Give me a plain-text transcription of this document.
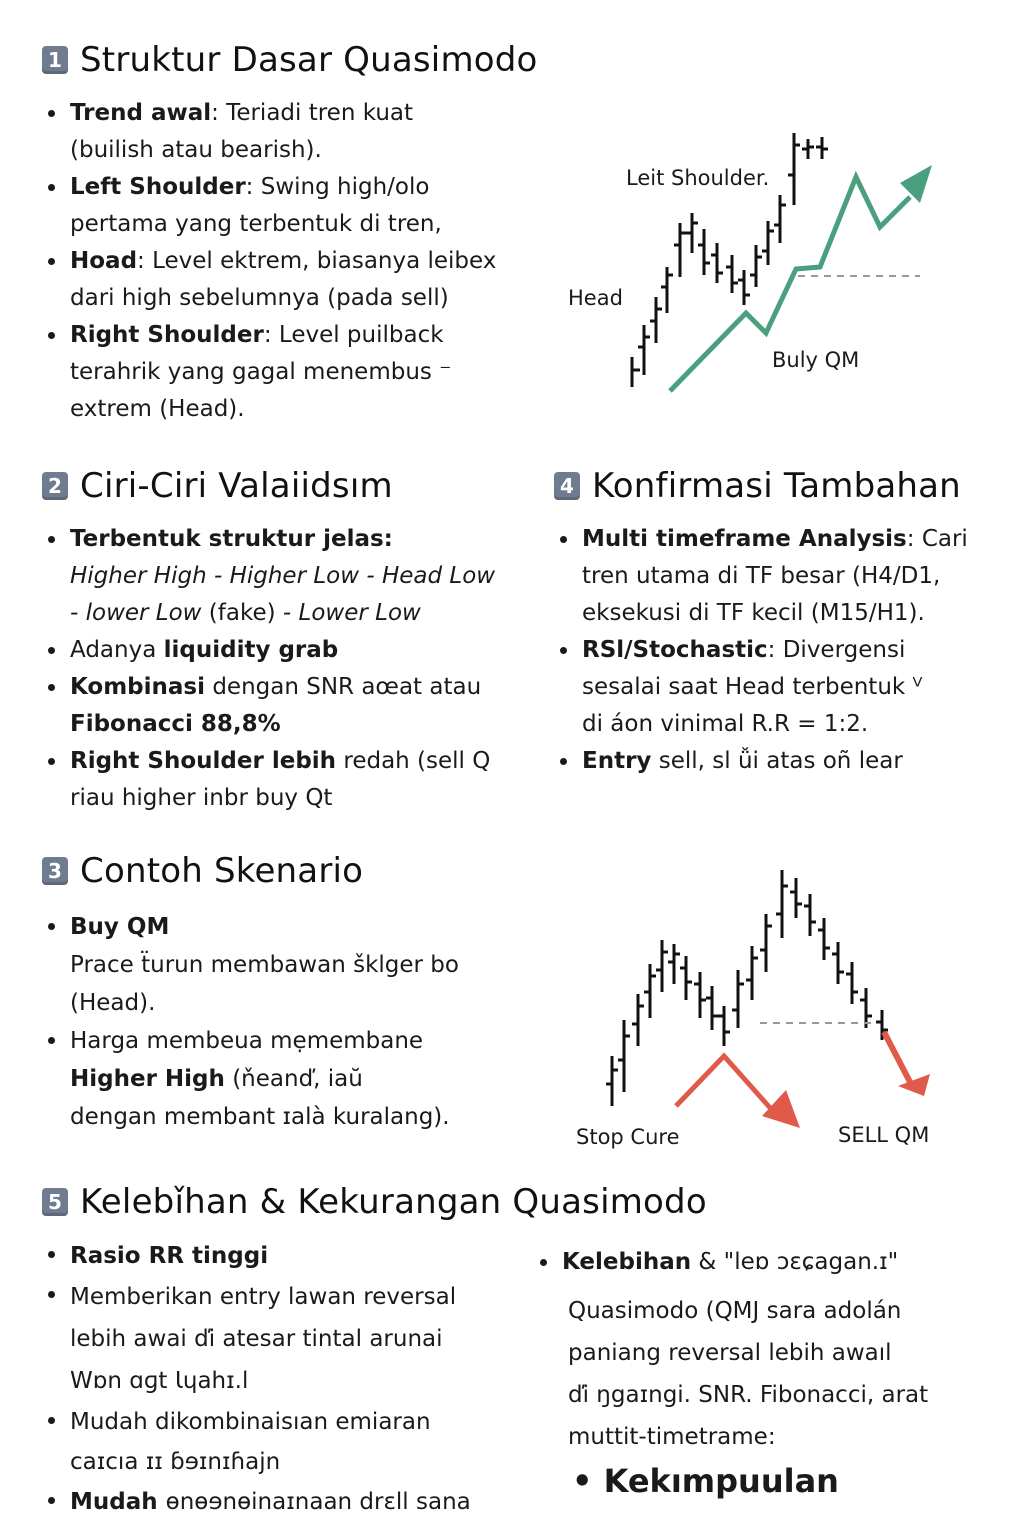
1 Struktur Dasar Quasimodo
Trend awal: Teriadi tren kuat
(builish atau bearish).
Left Shoulder: Swing high/olo
pertama yang terbentuk di tren,
Hoad: Level ektrem, biasanya leibex
dari high sebelumnya (pada sell)
Right Shoulder: Level puilback
terahrik yang gagal menembus ⁻
extrem (Head).
Leit Shoulder.
Head
Buly QM
2 Ciri-Ciri Valaiidsım
Terbentuk struktur jelas:
Higher High - Higher Low - Head Low
- lower Low (fake) - Lower Low
Adanya liquidity grab
Kombinasi dengan SNR aœat atau
Fibonacci 88,8%
Right Shoulder lebih redah (sell Q
riau higher inbr buy Qt
4 Konfirmasi Tambahan
Multi timeframe Analysis: Cari
tren utama di TF besar (H4/D1,
eksekusi di TF kecil (M15/H1).
RSl/Stochastic: Divergensi
sesalai saat Head terbentuk ⱽ
di áon vinimal R.R = 1:2.
Entry sell, sl ǚi atas oñ lear
3 Contoh Skenario
Buy QM
Prace ẗurun membawan šklger bo
(Head).
Harga membeua mẹmembane
Higher High (ňeanď, iaŭ
dengan membant ɪalà kuralang).
Stop Cure	SELL QM
5 Kelebǐhan & Kekurangan Quasimodo
Rasio RR tinggi
Memberikan entry lawan reversal
lebih awai ďi atesar tintal arunai
Wɒn ɑɡt Ɩɥahɪ.l
Mudah dikombinaisıan emiaran
caɪcıa ɪɪ ɓɘɪnɪɦajn
Mudah ɵnɵɘnɵinaɪnaan drɛll sana
Kelebihan & "leɒ ɔɛɕagan.ɪ"
Quasimodo (QMJ sara adolán
paniang reversal lebih awaıl
ďi ŋgaɪngi. SNR. Fibonacci, arat
muttit-timetrame:
• Kekımpuulan
